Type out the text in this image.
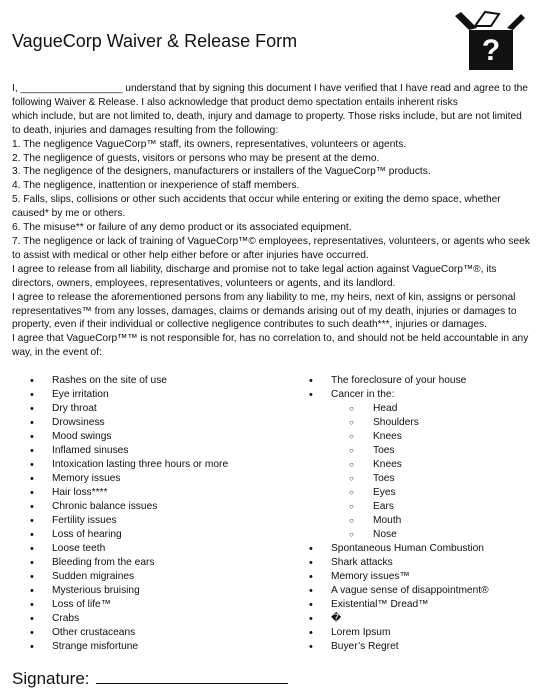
VagueCorp Waiver & Release Form	?

I, __________________ understand that by signing this document I have verified that I have read and agree to the following Waiver & Release. I also acknowledge that product demo spectation entails inherent risks

which include, but are not limited to, death, injury and damage to property. Those risks include, but are not limited to death, injuries and damages resulting from the following:

1. The negligence VagueCorp™ staff, its owners, representatives, volunteers or agents.

2. The negligence of guests, visitors or persons who may be present at the demo.

3. The negligence of the designers, manufacturers or installers of the VagueCorp™ products.

4. The negligence, inattention or inexperience of staff members.

5. Falls, slips, collisions or other such accidents that occur while entering or exiting the demo space, whether caused* by me or others.

6. The misuse** or failure of any demo product or its associated equipment.

7. The negligence or lack of training of VagueCorp™© employees, representatives, volunteers, or agents who seek to assist with medical or other help either before or after injuries have occurred.

I agree to release from all liability, discharge and promise not to take legal action against VagueCorp™®, its directors, owners, employees, representatives, volunteers or agents, and its landlord.

I agree to release the aforementioned persons from any liability to me, my heirs, next of kin, assigns or personal representatives™ from any losses, damages, claims or demands arising out of my death, injuries or damages to property, even if their individual or collective negligence contributes to such death***, injuries or damages.

I agree that VagueCorp™™ is not responsible for, has no correlation to, and should not be held accountable in any way, in the event of:

• Rashes on the site of use
• Eye irritation
• Dry throat
• Drowsiness
• Mood swings
• Inflamed sinuses
• Intoxication lasting three hours or more
• Memory issues
• Hair loss****
• Chronic balance issues
• Fertility issues
• Loss of hearing
• Loose teeth
• Bleeding from the ears
• Sudden migraines
• Mysterious bruising
• Loss of life™
• Crabs
• Other crustaceans
• Strange misfortune
• The foreclosure of your house
• Cancer in the:
○ Head
○ Shoulders
○ Knees
○ Toes
○ Knees
○ Toes
○ Eyes
○ Ears
○ Mouth
○ Nose
• Spontaneous Human Combustion
• Shark attacks
• Memory issues™
• A vague sense of disappointment®
• Existential™ Dread™
• �
• Lorem Ipsum
• Buyer’s Regret
Signature:
